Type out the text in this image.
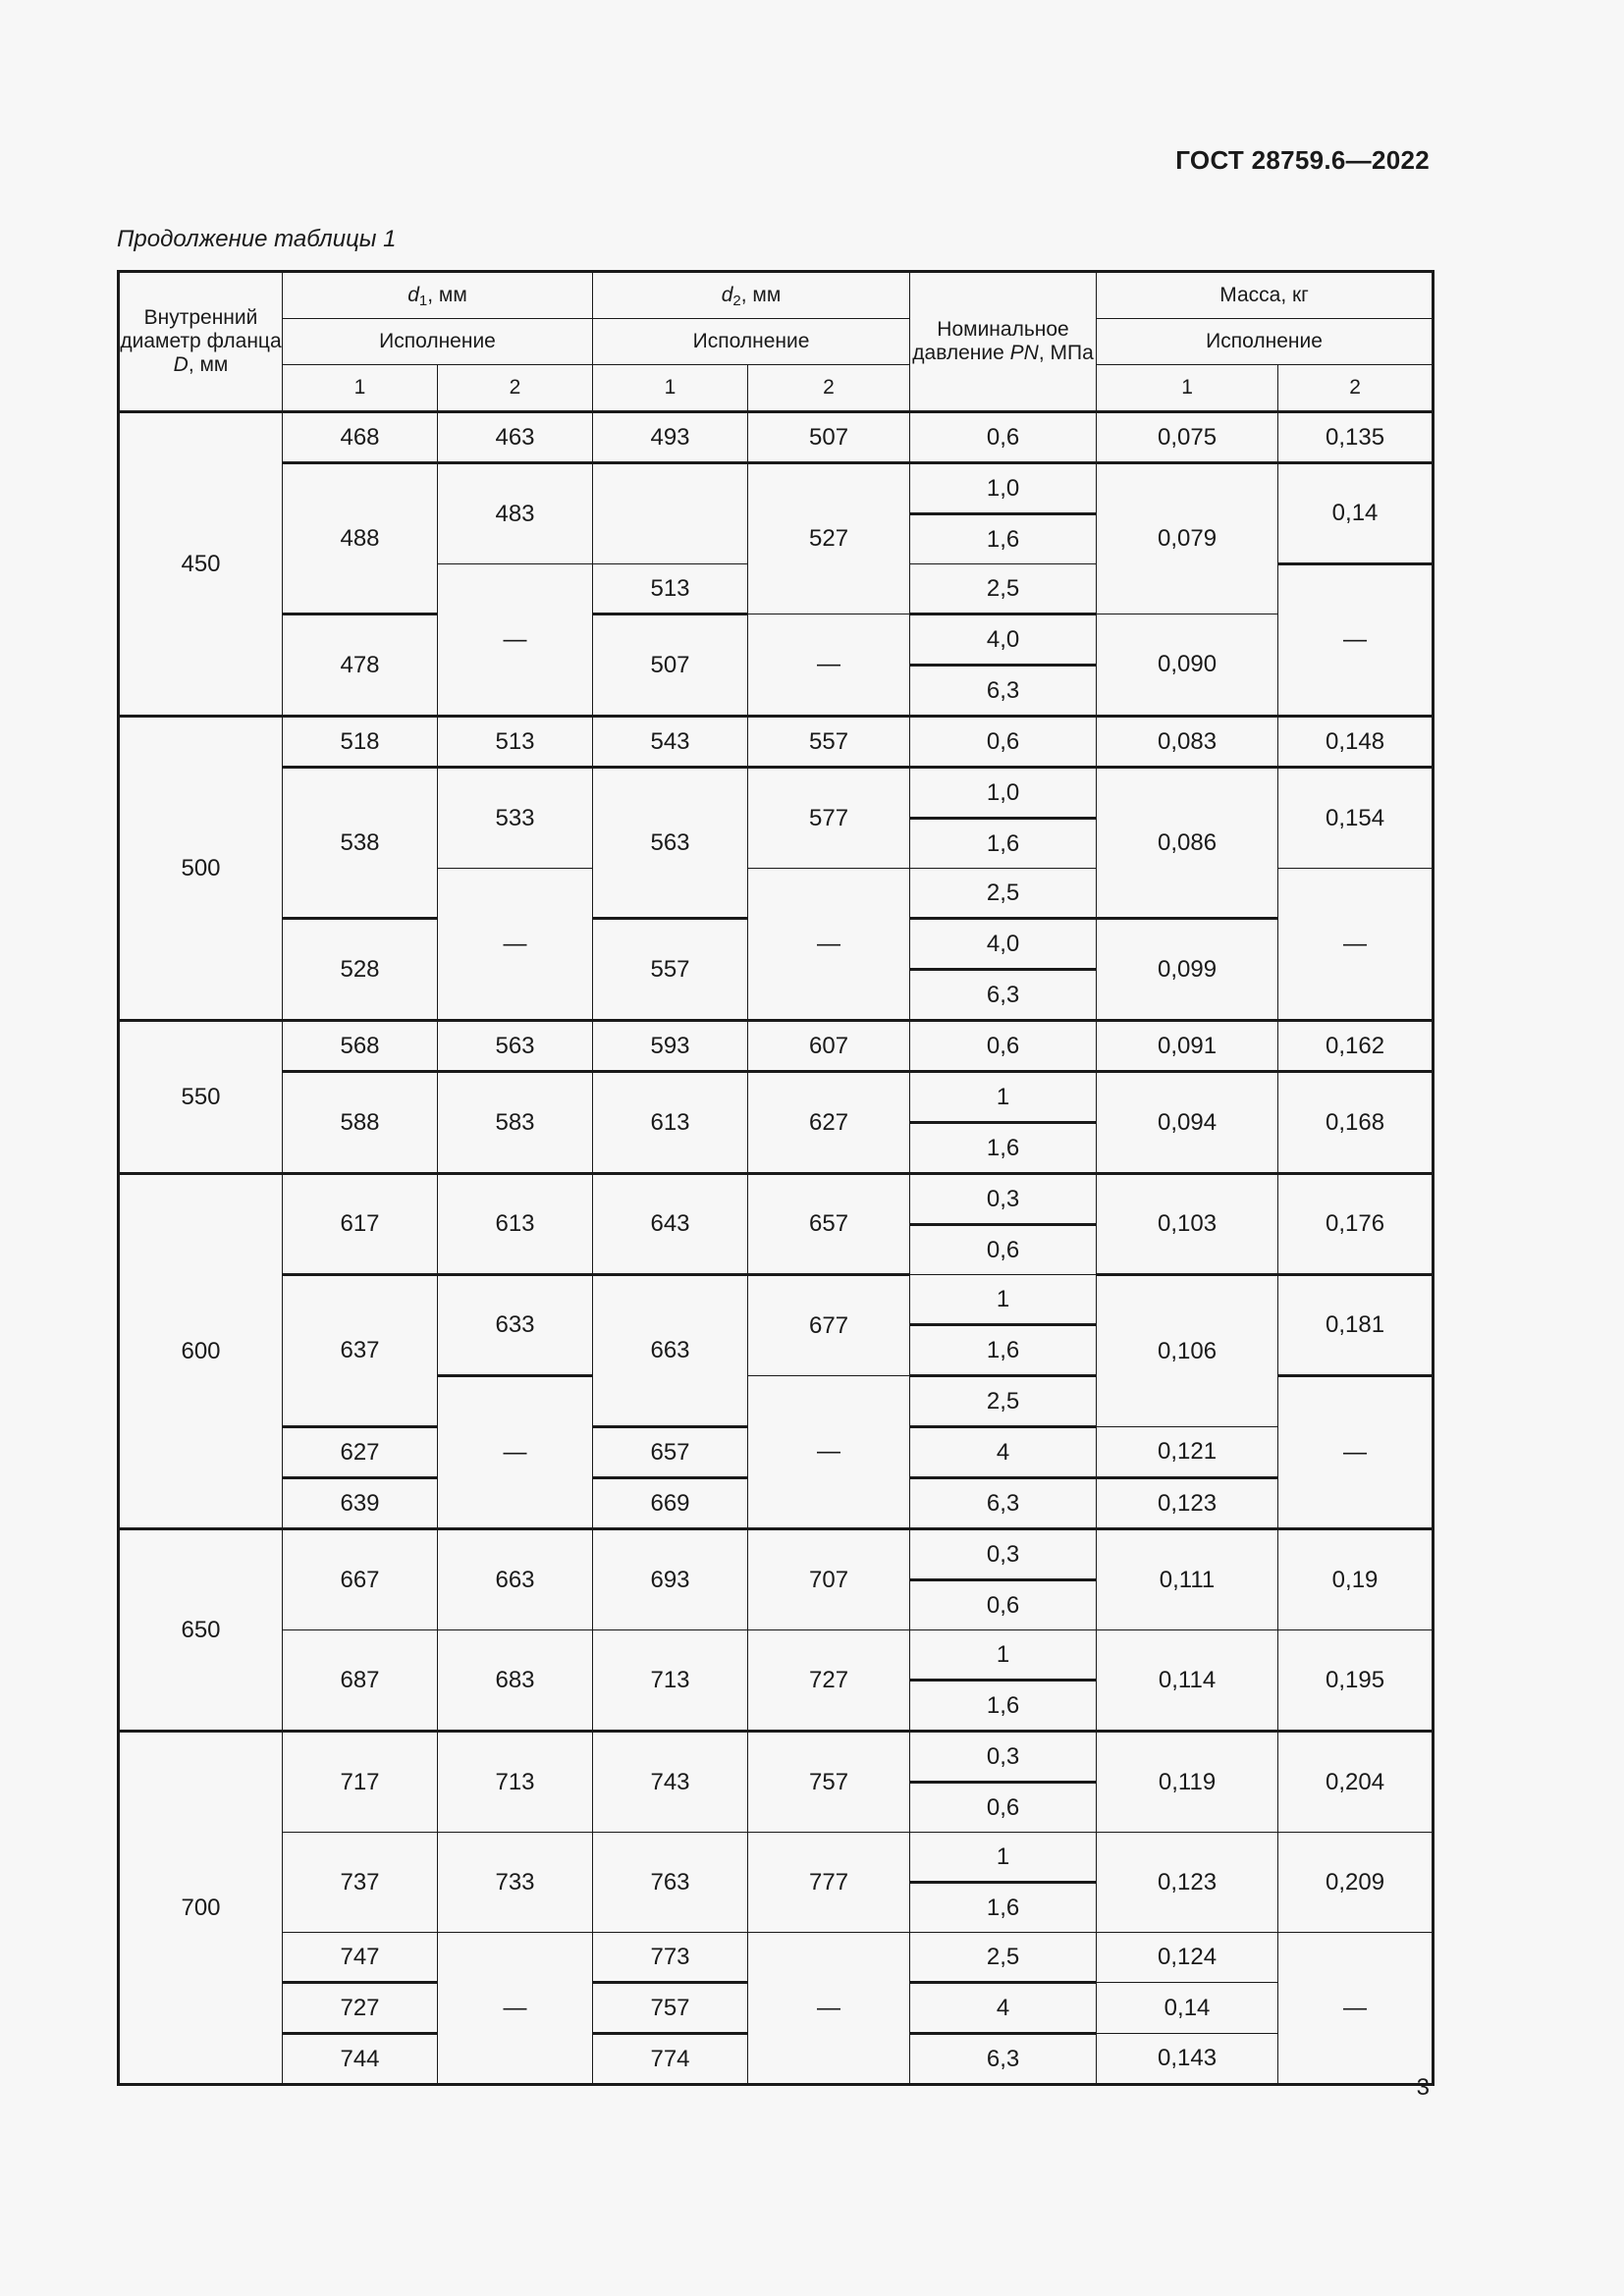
ГОСТ 28759.6—2022
Продолжение таблицы 1
Внутренний диаметр фланца D, мм	$d_1$, мм		$d_2$, мм		Номинальное давление PN, МПа	Масса, кг	
	Исполнение		Исполнение			Исполнение	
	1	2	1	2		1	2
450	468	463	493	507	0,6	0,075	0,135

	488	483		527	1,0	0,079	0,14

					1,6		

		—	513		2,5		—

	478		507	—	4,0	0,090	

					6,3		

500	518	513	543	557	0,6	0,083	0,148

	538	533	563	577	1,0	0,086	0,154

					1,6		

		—		—	2,5		—

	528		557		4,0	0,099	

					6,3		

550	568	563	593	607	0,6	0,091	0,162

	588	583	613	627	1	0,094	0,168

					1,6		

600	617	613	643	657	0,3	0,103	0,176

					0,6		

	637	633	663	677	1	0,106	0,181

					1,6		

		—		—	2,5		—

	627		657		4	0,121	

	639		669		6,3	0,123	

650	667	663	693	707	0,3	0,111	0,19

					0,6		

	687	683	713	727	1	0,114	0,195

					1,6		

700	717	713	743	757	0,3	0,119	0,204

					0,6		

	737	733	763	777	1	0,123	0,209

					1,6		

	747	—	773	—	2,5	0,124	—

	727		757		4	0,14	

	744		774		6,3	0,143	

3
